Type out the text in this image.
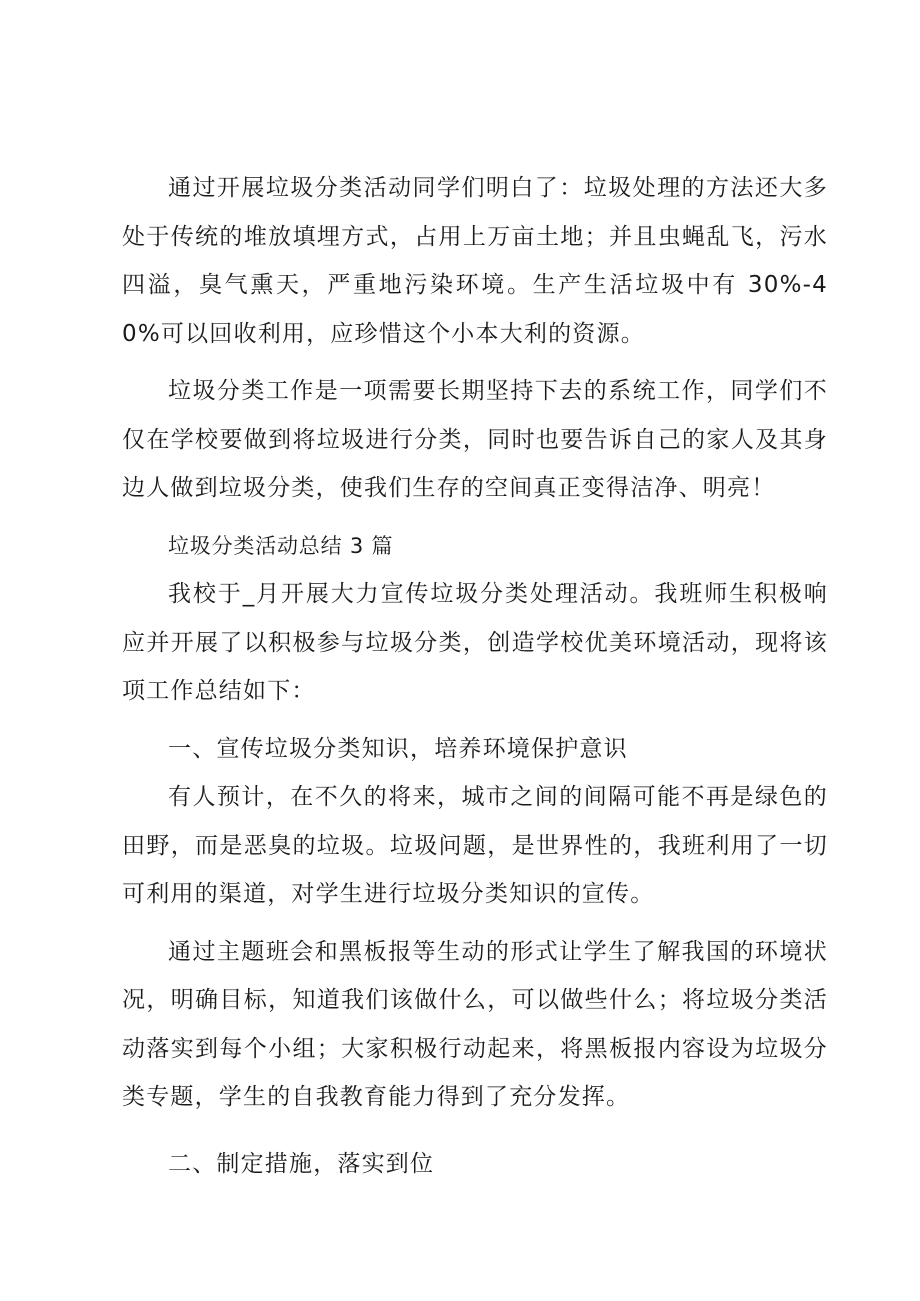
通过开展垃圾分类活动同学们明白了：垃圾处理的方法还大多处于传统的堆放填埋方式，占用上万亩土地；并且虫蝇乱飞，污水四溢，臭气熏天，严重地污染环境。生产生活垃圾中有 30%-40%可以回收利用，应珍惜这个小本大利的资源。

垃圾分类工作是一项需要长期坚持下去的系统工作，同学们不仅在学校要做到将垃圾进行分类，同时也要告诉自己的家人及其身边人做到垃圾分类，使我们生存的空间真正变得洁净、明亮！

垃圾分类活动总结 3 篇

我校于_月开展大力宣传垃圾分类处理活动。我班师生积极响应并开展了以积极参与垃圾分类，创造学校优美环境活动，现将该项工作总结如下：

一、宣传垃圾分类知识，培养环境保护意识

有人预计，在不久的将来，城市之间的间隔可能不再是绿色的田野，而是恶臭的垃圾。垃圾问题，是世界性的，我班利用了一切可利用的渠道，对学生进行垃圾分类知识的宣传。

通过主题班会和黑板报等生动的形式让学生了解我国的环境状况，明确目标，知道我们该做什么，可以做些什么；将垃圾分类活动落实到每个小组；大家积极行动起来，将黑板报内容设为垃圾分类专题，学生的自我教育能力得到了充分发挥。

二、制定措施，落实到位
